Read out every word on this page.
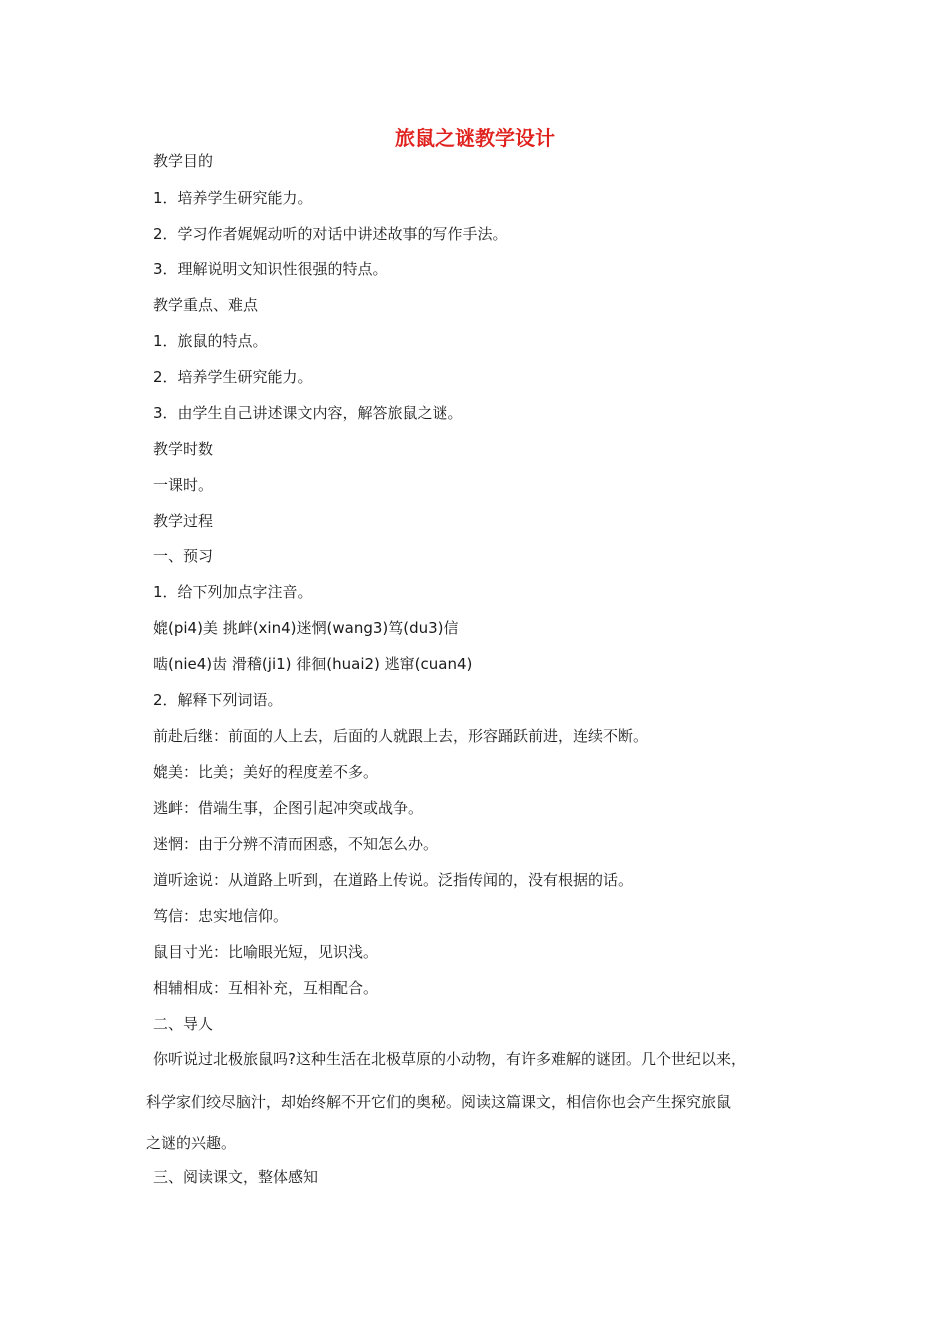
旅鼠之谜教学设计
教学目的
1．培养学生研究能力。
2．学习作者娓娓动听的对话中讲述故事的写作手法。
3．理解说明文知识性很强的特点。
教学重点、难点
1．旅鼠的特点。
2．培养学生研究能力。
3．由学生自己讲述课文内容，解答旅鼠之谜。
教学时数
一课时。
教学过程
一、预习
1．给下列加点字注音。
媲(pi4)美 挑衅(xin4)迷惘(wang3)笃(du3)信
啮(nie4)齿 滑稽(ji1) 徘徊(huai2) 逃窜(cuan4)
2．解释下列词语。
前赴后继：前面的人上去，后面的人就跟上去，形容踊跃前进，连续不断。
媲美：比美；美好的程度差不多。
逃衅：借端生事，企图引起冲突或战争。
迷惘：由于分辨不清而困惑，不知怎么办。
道听途说：从道路上听到，在道路上传说。泛指传闻的，没有根据的话。
笃信：忠实地信仰。
鼠目寸光：比喻眼光短，见识浅。
相辅相成：互相补充，互相配合。
二、导人
你听说过北极旅鼠吗?这种生活在北极草原的小动物，有许多难解的谜团。几个世纪以来，
科学家们绞尽脑汁，却始终解不开它们的奥秘。阅读这篇课文，相信你也会产生探究旅鼠
之谜的兴趣。
三、阅读课文，整体感知
